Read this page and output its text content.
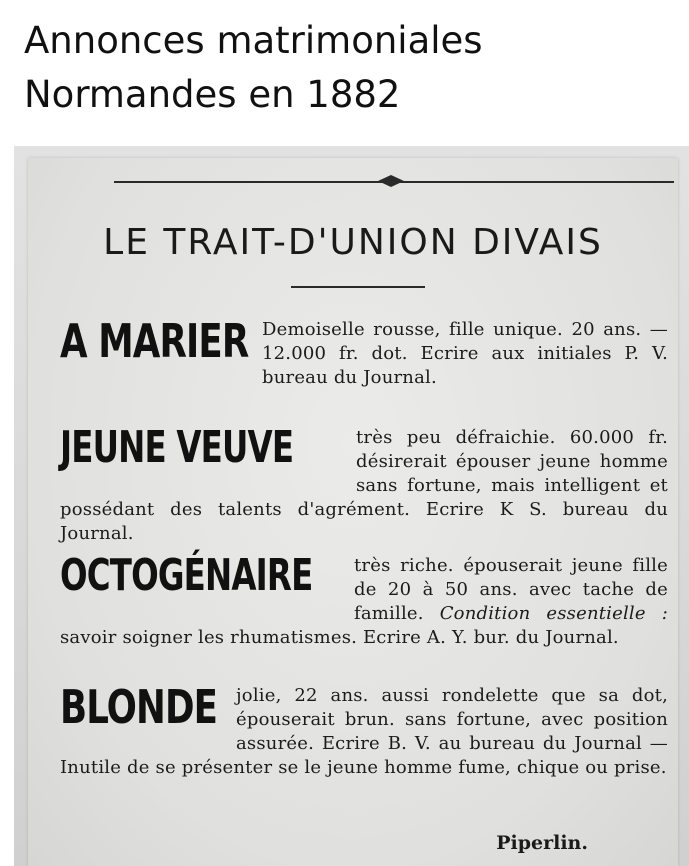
Annonces matrimoniales
Normandes en 1882
LE TRAIT-D'UNION DIVAIS
A MARIER Demoiselle rousse, fille unique. 20 ans. — 12.000 fr. dot. Ecrire aux initiales P. V. bureau du Journal.
JEUNE VEUVE	très peu défraichie. 60.000 fr. désirerait épouser jeune homme sans fortune, mais intelligent et possédant des talents d'agrément. Ecrire K S. bureau du Journal.
OCTOGÉNAIRE	très riche. épouserait jeune fille de 20 à 50 ans. avec tache de famille. Condition essentielle : savoir soigner les rhumatismes. Ecrire A. Y. bur. du Journal.
BLONDE	jolie, 22 ans. aussi rondelette que sa dot, épouserait brun. sans fortune, avec position assurée. Ecrire B. V. au bureau du Journal —Inutile de se présenter se le jeune homme fume, chique ou prise.
Piperlin.
